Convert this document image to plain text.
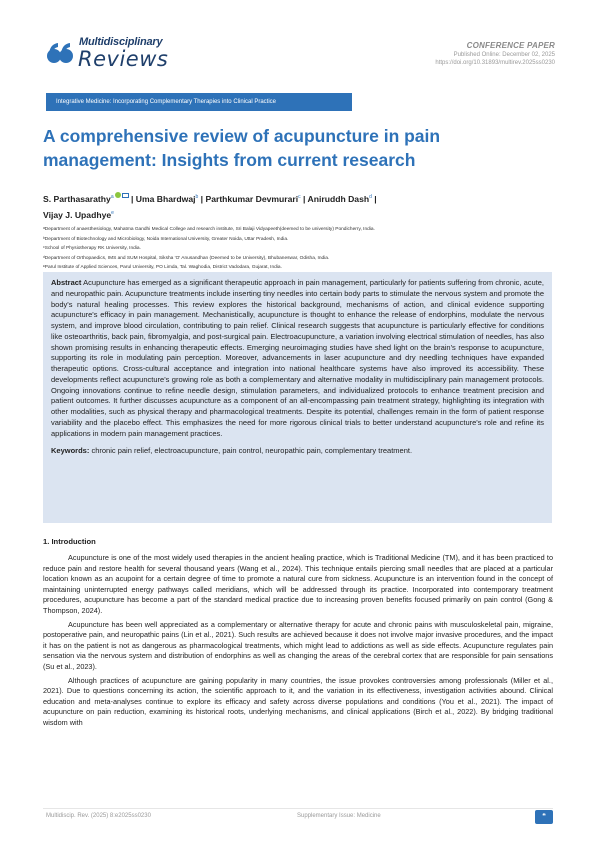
Multidisciplinary
Reviews
CONFERENCE PAPER
Published Online: December 02, 2025
https://doi.org/10.31893/multirev.2025ss0230
Integrative Medicine: Incorporating Complementary Therapies into Clinical Practice
A comprehensive review of acupuncture in pain management: Insights from current research
S. Parthasarathy$^a$ | Uma Bhardwaj$^b$ | Parthkumar Devmurari$^c$ | Aniruddh Dash$^d$ |
Vijay J. Upadhye$^e$
ᵃDepartment of anaesthesiology, Mahatma Gandhi Medical College and research institute, Sri Balaji Vidyapeeth(deemed to be university) Pondicherry, India.
ᵇDepartment of Biotechnology and Microbiology, Noida International University, Greater Noida, Uttar Pradesh, India.
ᶜSchool of Physiotherapy RK University, India.
ᵈDepartment of Orthopaedics, IMS and SUM Hospital, Siksha 'O' Anusandhan (Deemed to be University), Bhubaneswar, Odisha, India.
ᵉParul Institute of Applied Sciences, Parul University, PO Limda, Tal. Waghodia, District Vadodara, Gujarat, India.

Abstract Acupuncture has emerged as a significant therapeutic approach in pain management, particularly for patients suffering from chronic, acute, and neuropathic pain. Acupuncture treatments include inserting tiny needles into certain body parts to stimulate the nervous system and promote the body's natural healing processes. This review explores the historical background, mechanisms of action, and clinical evidence supporting acupuncture's efficacy in pain management. Mechanistically, acupuncture is thought to enhance the release of endorphins, modulate the nervous system, and improve blood circulation, contributing to pain relief. Clinical research suggests that acupuncture is particularly effective for conditions like osteoarthritis, back pain, fibromyalgia, and post-surgical pain. Electroacupuncture, a variation involving electrical stimulation of needles, has also shown promising results in enhancing therapeutic effects. Emerging neuroimaging studies have shed light on the brain's response to acupuncture, supporting its role in modulating pain perception. Moreover, advancements in laser acupuncture and dry needling techniques have expanded therapeutic options. Cross-cultural acceptance and integration into national healthcare systems have also improved its accessibility. These developments reflect acupuncture's growing role as both a complementary and alternative modality in multidisciplinary pain management protocols. Ongoing innovations continue to refine needle design, stimulation parameters, and individualized protocols to enhance treatment precision and patient outcomes. It further discusses acupuncture as a component of an all-encompassing pain treatment strategy, highlighting its integration with other modalities, such as physical therapy and pharmacological treatments. Despite its potential, challenges remain in the form of patient response variability and the placebo effect. This emphasizes the need for more rigorous clinical trials to better understand acupuncture's role and refine its applications in modern pain management practices.

Keywords: chronic pain relief, electroacupuncture, pain control, neuropathic pain, complementary treatment.

1. Introduction

Acupuncture is one of the most widely used therapies in the ancient healing practice, which is Traditional Medicine (TM), and it has been practiced to reduce pain and restore health for several thousand years (Wang et al., 2024). This technique entails piercing small needles that are placed at a particular location known as an acupoint for a certain degree of time to promote a natural cure from sickness. Acupuncture is an intervention found in the concept of maintaining uninterrupted energy pathways called meridians, which will be addressed through its practice. Incorporated into contemporary treatment procedures, acupuncture has become a part of the standard medical practice due to increasing proven benefits focused primarily on pain control (Gong & Thompson, 2024).

Acupuncture has been well appreciated as a complementary or alternative therapy for acute and chronic pains with musculoskeletal pain, migraine, postoperative pain, and neuropathic pains (Lin et al., 2021). Such results are achieved because it does not involve major invasive procedures, and the impact it has on the patient is not as dangerous as pharmacological treatments, which might lead to addictions as well as side effects. Acupuncture regulates pain sensation via the nervous system and distribution of endorphins as well as changing the areas of the cerebral cortex that are responsible for pain sensations (Su et al., 2023).

Although practices of acupuncture are gaining popularity in many countries, the issue provokes controversies among professionals (Miller et al., 2021). Due to questions concerning its action, the scientific approach to it, and the variation in its effectiveness, investigation activities abound. Clinical education and meta-analyses continue to explore its efficacy and safety across diverse populations and conditions (You et al., 2021). The impact of acupuncture on pain reduction, examining its historical roots, underlying mechanisms, and clinical applications (Birch et al., 2022). By bridging traditional wisdom with

Multidiscip. Rev. (2025) 8:e2025ss0230	Supplementary Issue: Medicine	❝
